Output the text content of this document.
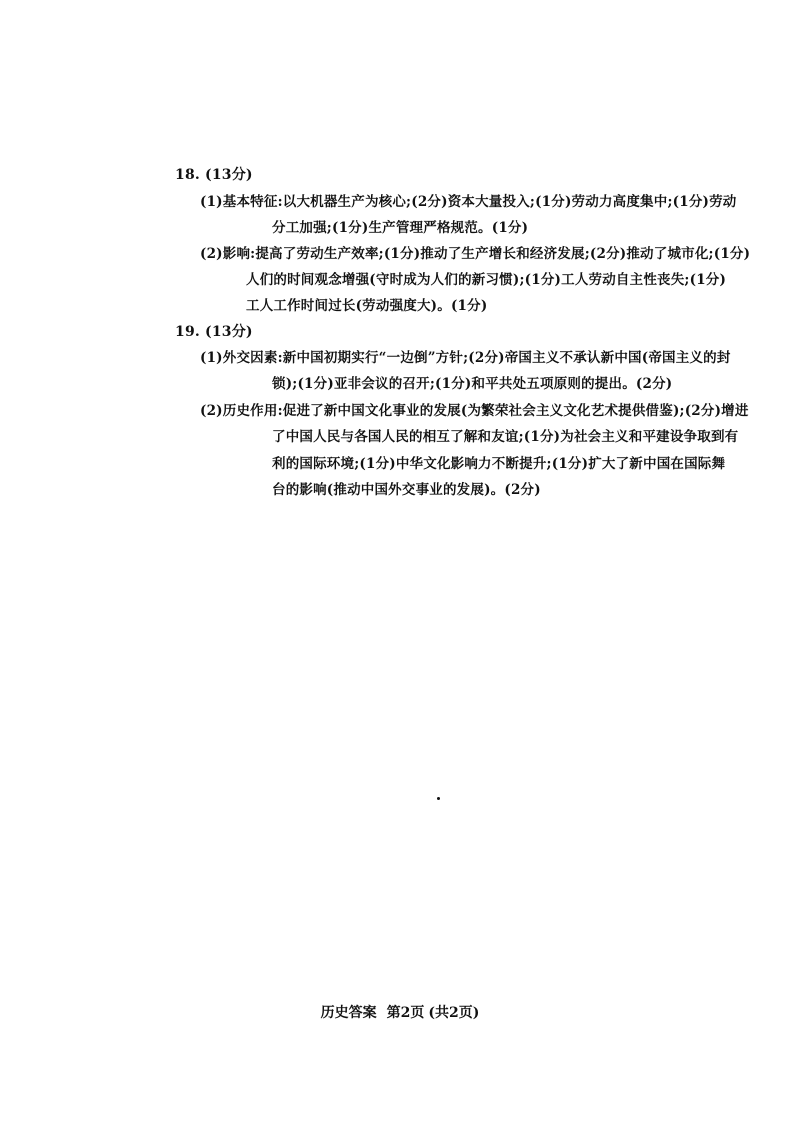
18. (13分)
(1)基本特征:以大机器生产为核心;(2分)资本大量投入;(1分)劳动力高度集中;(1分)劳动
分工加强;(1分)生产管理严格规范。(1分)
(2)影响:提高了劳动生产效率;(1分)推动了生产增长和经济发展;(2分)推动了城市化;(1分)
人们的时间观念增强(守时成为人们的新习惯);(1分)工人劳动自主性丧失;(1分)
工人工作时间过长(劳动强度大)。(1分)
19. (13分)
(1)外交因素:新中国初期实行“一边倒”方针;(2分)帝国主义不承认新中国(帝国主义的封
锁);(1分)亚非会议的召开;(1分)和平共处五项原则的提出。(2分)
(2)历史作用:促进了新中国文化事业的发展(为繁荣社会主义文化艺术提供借鉴);(2分)增进
了中国人民与各国人民的相互了解和友谊;(1分)为社会主义和平建设争取到有
利的国际环境;(1分)中华文化影响力不断提升;(1分)扩大了新中国在国际舞
台的影响(推动中国外交事业的发展)。(2分)
历史答案 第2页 (共2页)
